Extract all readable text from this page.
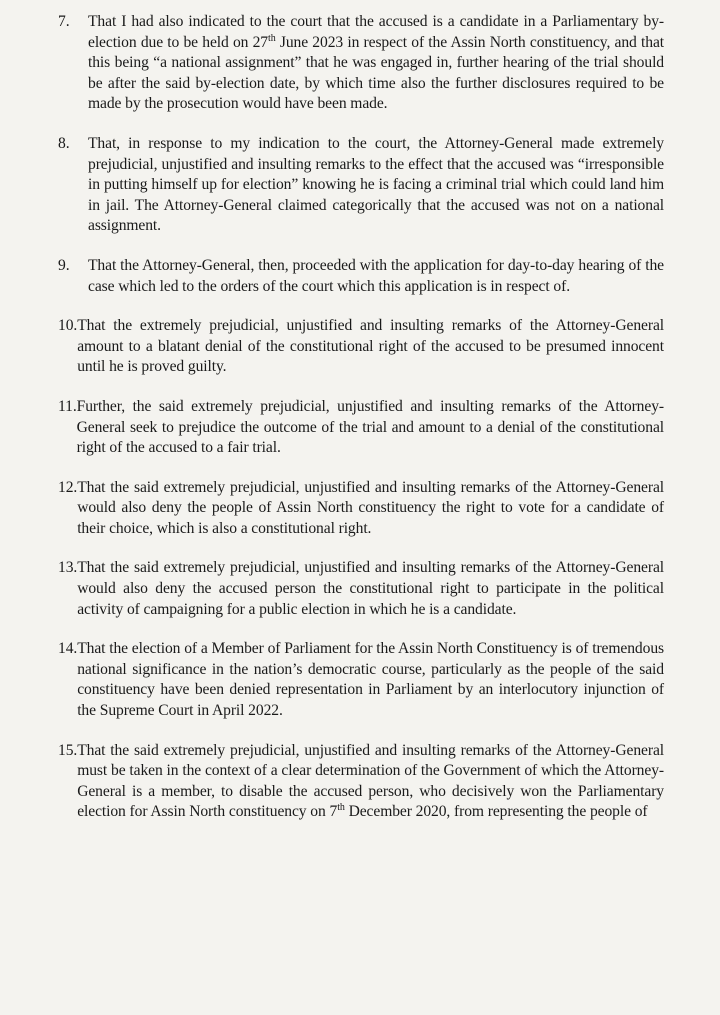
7.	That I had also indicated to the court that the accused is a candidate in a Parliamentary by-election due to be held on 27th June 2023 in respect of the Assin North constituency, and that this being “a national assignment” that he was engaged in, further hearing of the trial should be after the said by-election date, by which time also the further disclosures required to be made by the prosecution would have been made.
8.	That, in response to my indication to the court, the Attorney-General made extremely prejudicial, unjustified and insulting remarks to the effect that the accused was “irresponsible in putting himself up for election” knowing he is facing a criminal trial which could land him in jail. The Attorney-General claimed categorically that the accused was not on a national assignment.
9.	That the Attorney-General, then, proceeded with the application for day-to-day hearing of the case which led to the orders of the court which this application is in respect of.
10. That the extremely prejudicial, unjustified and insulting remarks of the Attorney-General amount to a blatant denial of the constitutional right of the accused to be presumed innocent until he is proved guilty.
11. Further, the said extremely prejudicial, unjustified and insulting remarks of the Attorney-General seek to prejudice the outcome of the trial and amount to a denial of the constitutional right of the accused to a fair trial.
12. That the said extremely prejudicial, unjustified and insulting remarks of the Attorney-General would also deny the people of Assin North constituency the right to vote for a candidate of their choice, which is also a constitutional right.
13. That the said extremely prejudicial, unjustified and insulting remarks of the Attorney-General would also deny the accused person the constitutional right to participate in the political activity of campaigning for a public election in which he is a candidate.
14. That the election of a Member of Parliament for the Assin North Constituency is of tremendous national significance in the nation’s democratic course, particularly as the people of the said constituency have been denied representation in Parliament by an interlocutory injunction of the Supreme Court in April 2022.
15. That the said extremely prejudicial, unjustified and insulting remarks of the Attorney-General must be taken in the context of a clear determination of the Government of which the Attorney-General is a member, to disable the accused person, who decisively won the Parliamentary election for Assin North constituency on 7th December 2020, from representing the people of
